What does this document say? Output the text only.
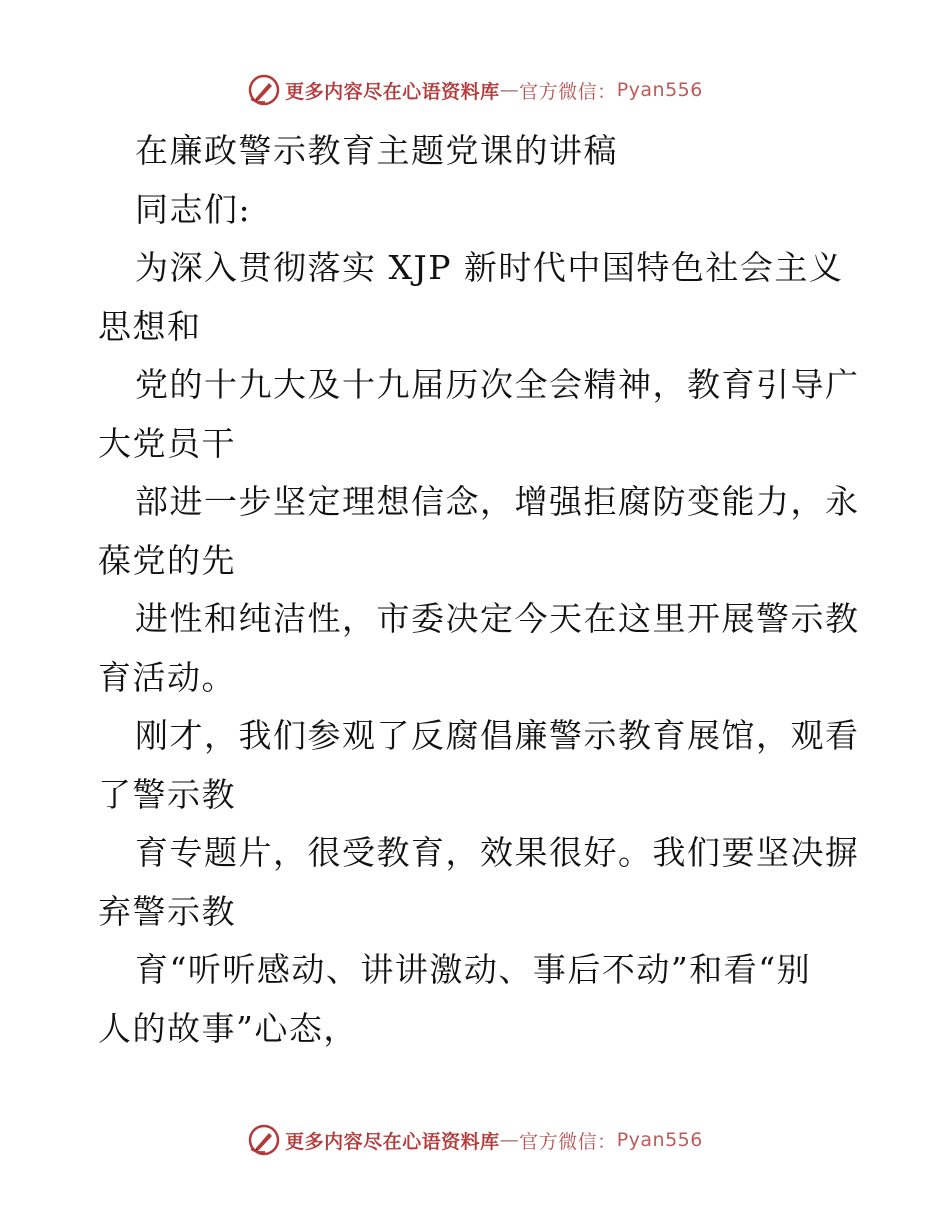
更多内容尽在心语资料库 — 官方微信： Pyan556
在廉政警示教育主题党课的讲稿
同志们:
为深入贯彻落实 XJP 新时代中国特色社会主义
思想和
党的十九大及十九届历次全会精神，教育引导广
大党员干
部进一步坚定理想信念，增强拒腐防变能力，永
葆党的先
进性和纯洁性，市委决定今天在这里开展警示教
育活动。
刚才，我们参观了反腐倡廉警示教育展馆，观看
了警示教
育专题片，很受教育，效果很好。我们要坚决摒
弃警示教
育“听听感动、讲讲激动、事后不动”和看“别
人的故事”心态，
更多内容尽在心语资料库 — 官方微信： Pyan556
